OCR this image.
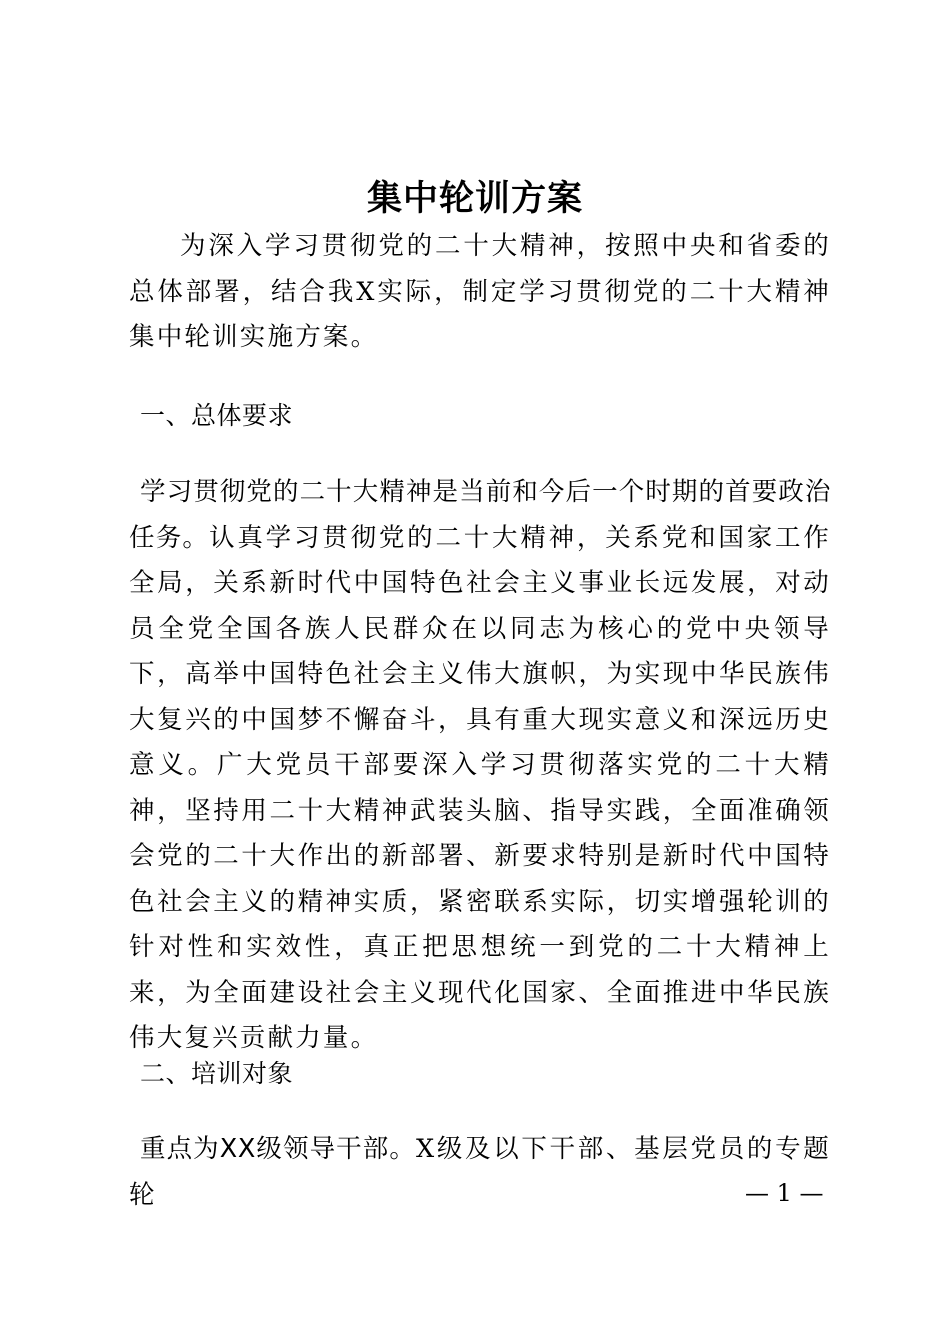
集中轮训方案

为深入学习贯彻党的二十大精神，按照中央和省委的总体部署，结合我X实际，制定学习贯彻党的二十大精神集中轮训实施方案。

一、总体要求

学习贯彻党的二十大精神是当前和今后一个时期的首要政治任务。认真学习贯彻党的二十大精神，关系党和国家工作全局，关系新时代中国特色社会主义事业长远发展，对动员全党全国各族人民群众在以同志为核心的党中央领导下，高举中国特色社会主义伟大旗帜，为实现中华民族伟大复兴的中国梦不懈奋斗，具有重大现实意义和深远历史意义。广大党员干部要深入学习贯彻落实党的二十大精神，坚持用二十大精神武装头脑、指导实践，全面准确领会党的二十大作出的新部署、新要求特别是新时代中国特色社会主义的精神实质，紧密联系实际，切实增强轮训的针对性和实效性，真正把思想统一到党的二十大精神上来，为全面建设社会主义现代化国家、全面推进中华民族伟大复兴贡献力量。

二、培训对象

重点为XX级领导干部。X级及以下干部、基层党员的专题轮	— 1 —
